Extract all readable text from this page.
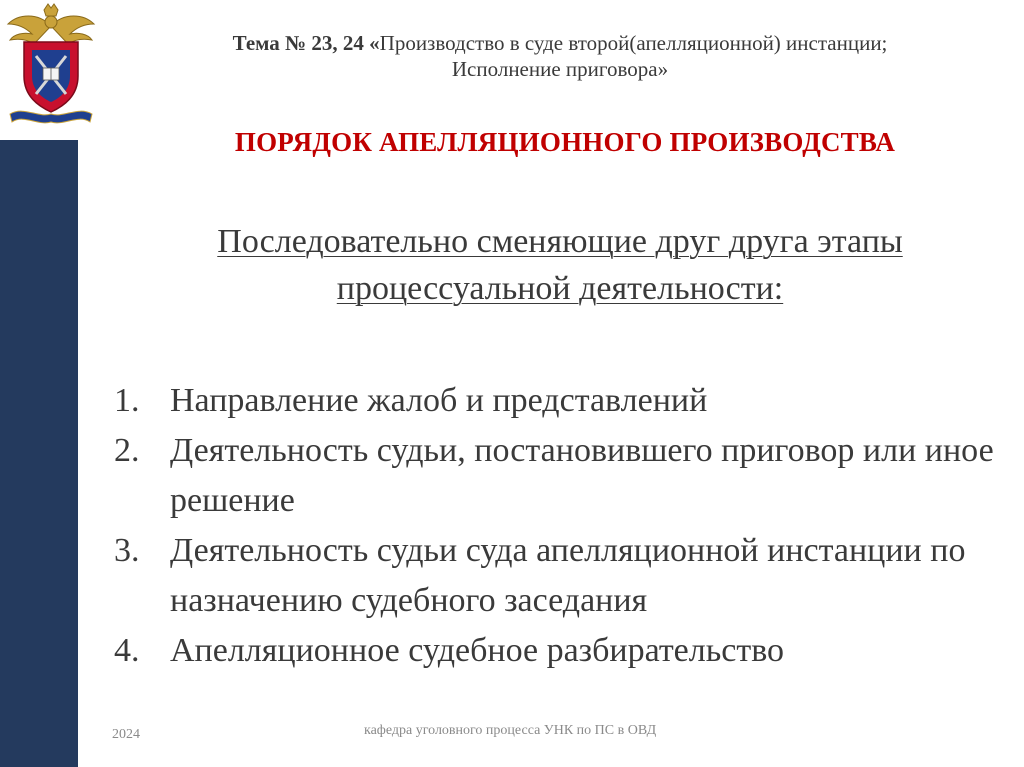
Тема № 23, 24 «Производство в суде второй(апелляционной) инстанции;
Исполнение приговора»
ПОРЯДОК АПЕЛЛЯЦИОННОГО ПРОИЗВОДСТВА
Последовательно сменяющие друг друга этапы
процессуальной деятельности:
1. Направление жалоб и представлений
2. Деятельность судьи, постановившего приговор или иное решение
3. Деятельность судьи суда апелляционной инстанции по назначению судебного заседания
4. Апелляционное судебное разбирательство
2024	кафедра уголовного процесса УНК по ПС в ОВД
